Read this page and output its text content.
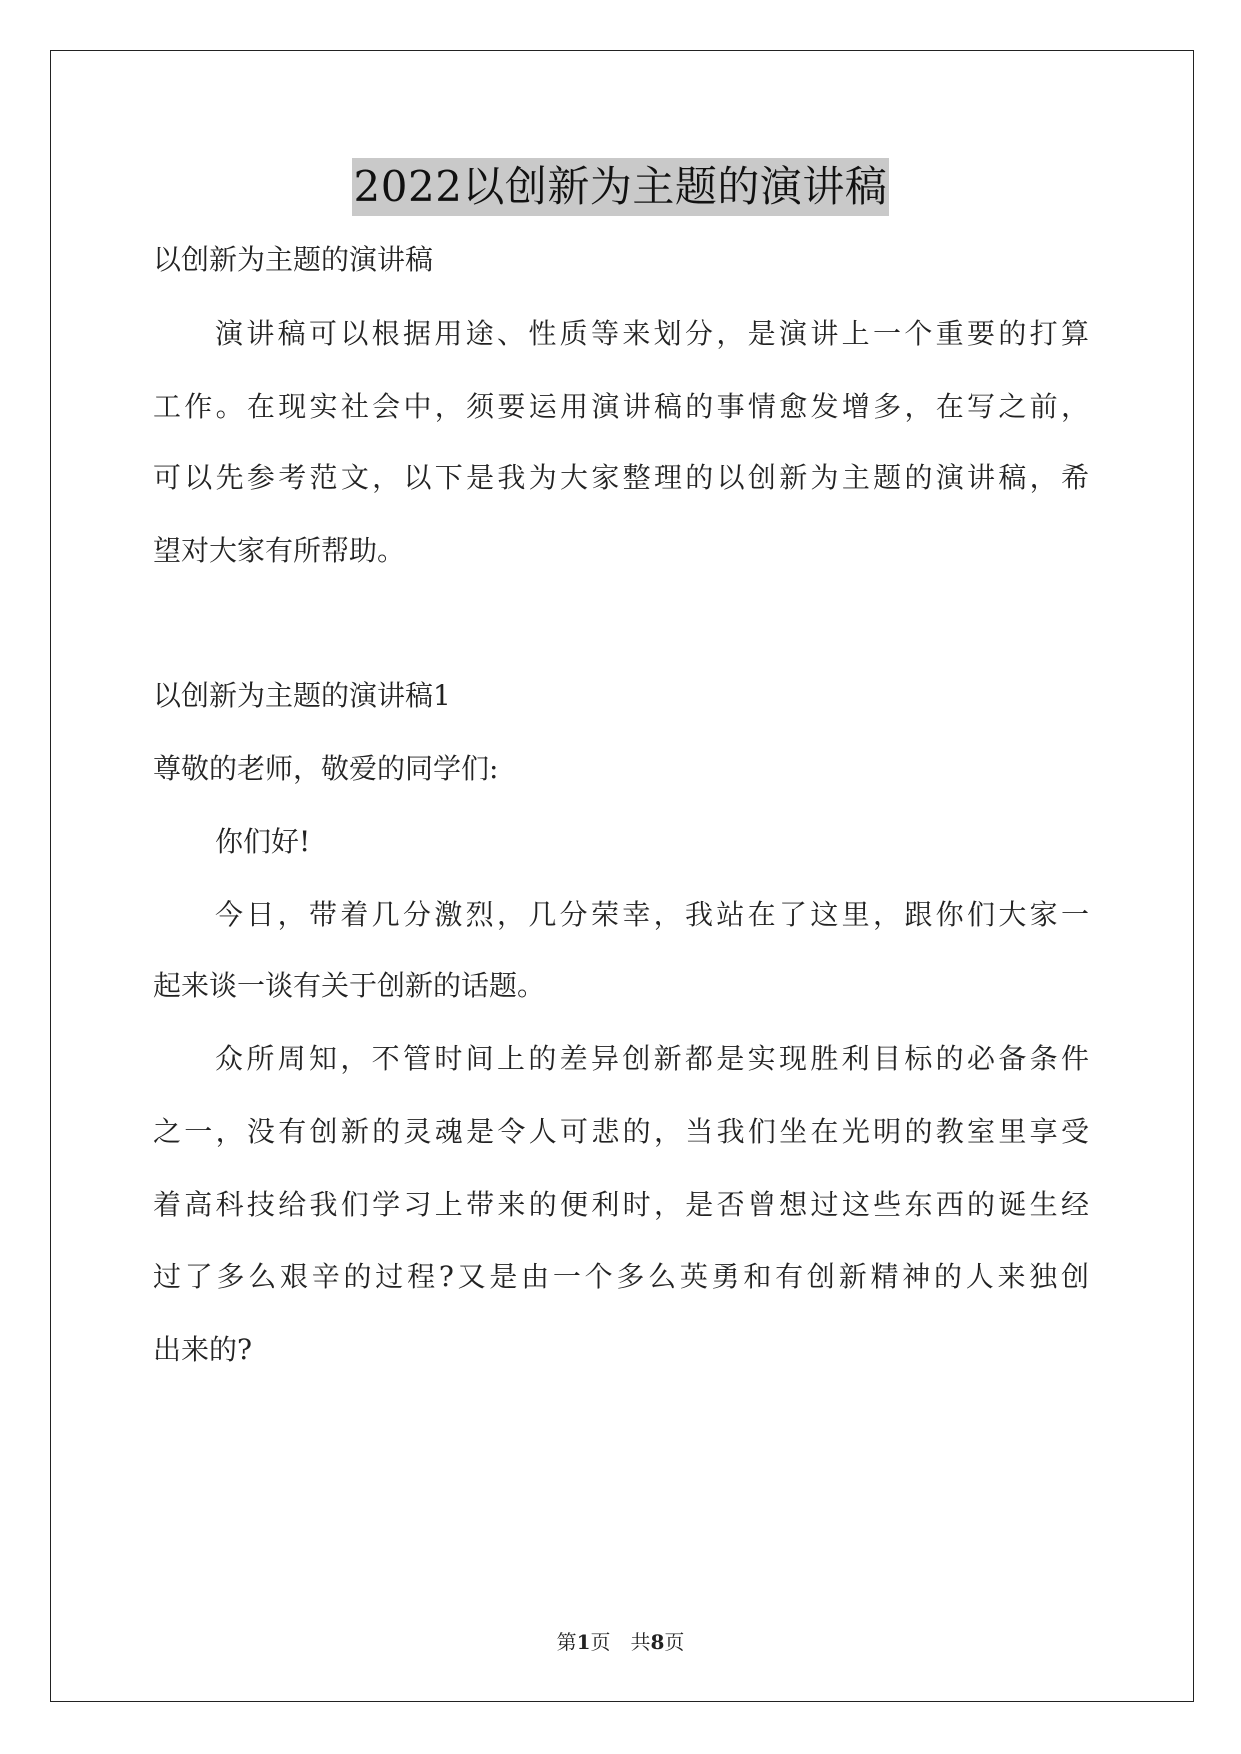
2022以创新为主题的演讲稿
以创新为主题的演讲稿
演讲稿可以根据用途、性质等来划分，是演讲上一个重要的打算
工作。在现实社会中，须要运用演讲稿的事情愈发增多，在写之前，
可以先参考范文，以下是我为大家整理的以创新为主题的演讲稿，希
望对大家有所帮助。
以创新为主题的演讲稿1
尊敬的老师，敬爱的同学们:
你们好!
今日，带着几分激烈，几分荣幸，我站在了这里，跟你们大家一
起来谈一谈有关于创新的话题。
众所周知，不管时间上的差异创新都是实现胜利目标的必备条件
之一，没有创新的灵魂是令人可悲的，当我们坐在光明的教室里享受
着高科技给我们学习上带来的便利时，是否曾想过这些东西的诞生经
过了多么艰辛的过程?又是由一个多么英勇和有创新精神的人来独创
出来的?
第1页　共8页
